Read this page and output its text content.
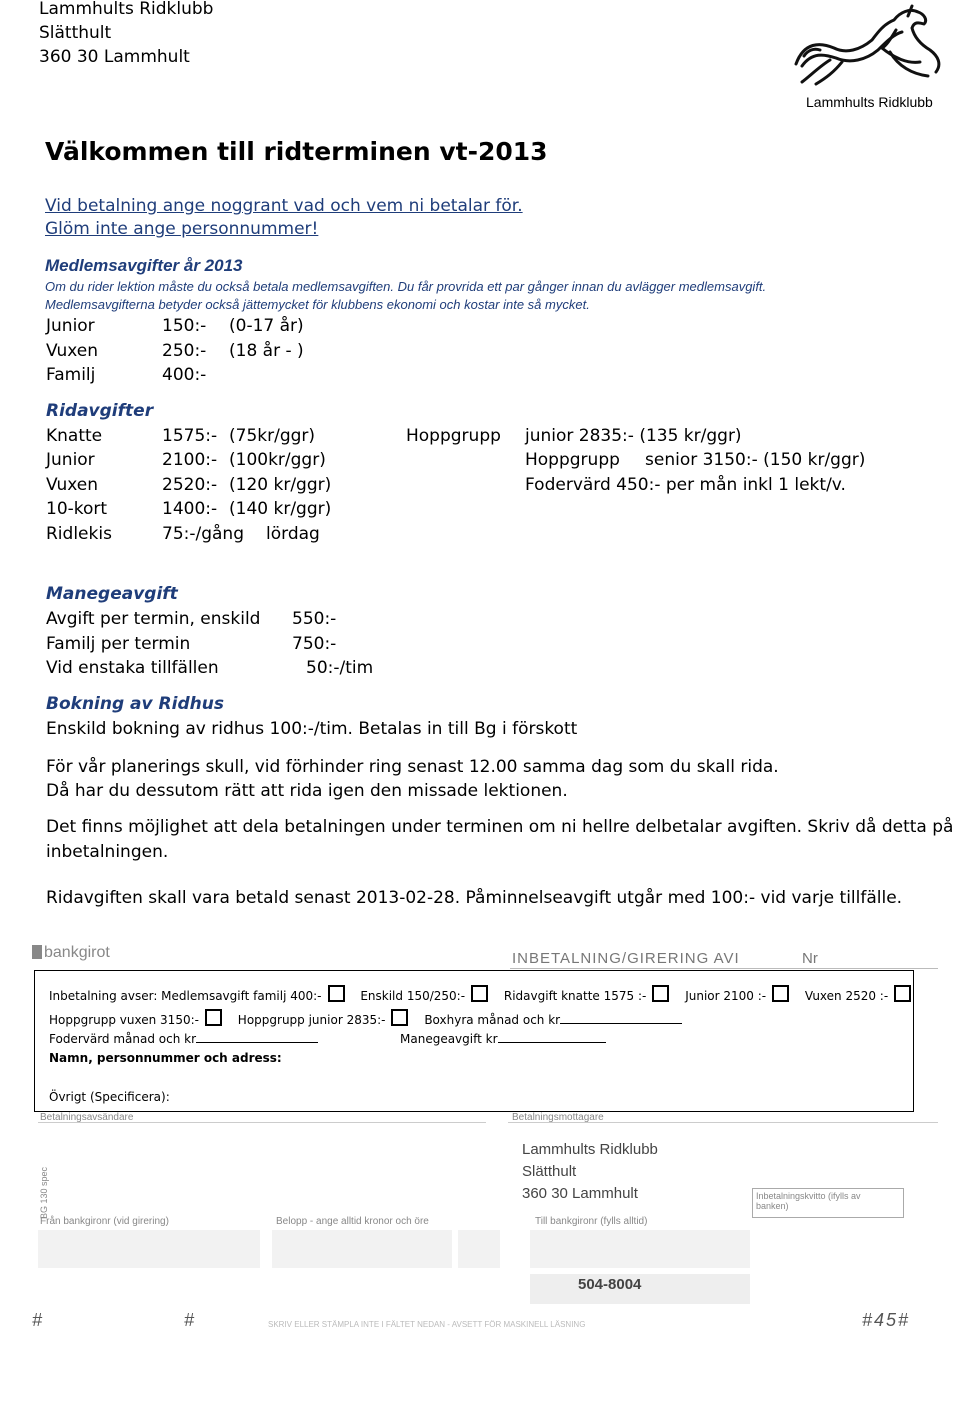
Lammhults Ridklubb
Slätthult
360 30 Lammhult
Lammhults Ridklubb
Välkommen till ridterminen vt-2013
Vid betalning ange noggrant vad och vem ni betalar för.
Glöm inte ange personnummer!
Medlemsavgifter år 2013
Om du rider lektion måste du också betala medlemsavgiften. Du får provrida ett par gånger innan du avlägger medlemsavgift.
Medlemsavgifterna betyder också jättemycket för klubbens ekonomi och kostar inte så mycket.
Junior	150:- (0-17 år)
Vuxen	250:- (18 år - )
Familj	400:-
Ridavgifter
Knatte	1575:- (75kr/ggr)
Junior	2100:- (100kr/ggr)
Vuxen	2520:- (120 kr/ggr)
10-kort	1400:- (140 kr/ggr)
Ridlekis	75:-/gång lördag
Hoppgrupp junior 2835:- (135 kr/ggr)
Hoppgrupp senior 3150:- (150 kr/ggr)
Fodervärd 450:- per mån inkl 1 lekt/v.
Manegeavgift
Avgift per termin, enskild 550:-
Familj per termin	750:-
Vid enstaka tillfällen	50:-/tim
Bokning av Ridhus
Enskild bokning av ridhus 100:-/tim. Betalas in till Bg i förskott
För vår planerings skull, vid förhinder ring senast 12.00 samma dag som du skall rida.
Då har du dessutom rätt att rida igen den missade lektionen.
Det finns möjlighet att dela betalningen under terminen om ni hellre delbetalar avgiften. Skriv då detta på
inbetalningen.
Ridavgiften skall vara betald senast 2013-02-28. Påminnelseavgift utgår med 100:- vid varje tillfälle.
bankgirot	INBETALNING/GIRERING AVI	Nr
Betalningsavsändare	Betalningsmottagare
Lammhults Ridklubb
Slätthult
360 30 Lammhult
BG 130 spec	Inbetalningskvitto (ifylls av banken)
Från bankgironr (vid girering)	Belopp - ange alltid kronor och öre	Till bankgironr (fylls alltid)
504-8004
SKRIV ELLER STÄMPLA INTE I FÄLTET NEDAN - AVSETT FÖR MASKINELL LÄSNING
#	#	#45#
Inbetalning avser: Medlemsavgift familj 400:-	Enskild 150/250:-	Ridavgift knatte 1575 :-	Junior 2100 :-	Vuxen 2520 :-
Hoppgrupp vuxen 3150:-	Hoppgrupp junior 2835:-	Boxhyra månad och kr
Fodervärd månad och kr	Manegeavgift kr
Namn, personnummer och adress:
Övrigt (Specificera):
